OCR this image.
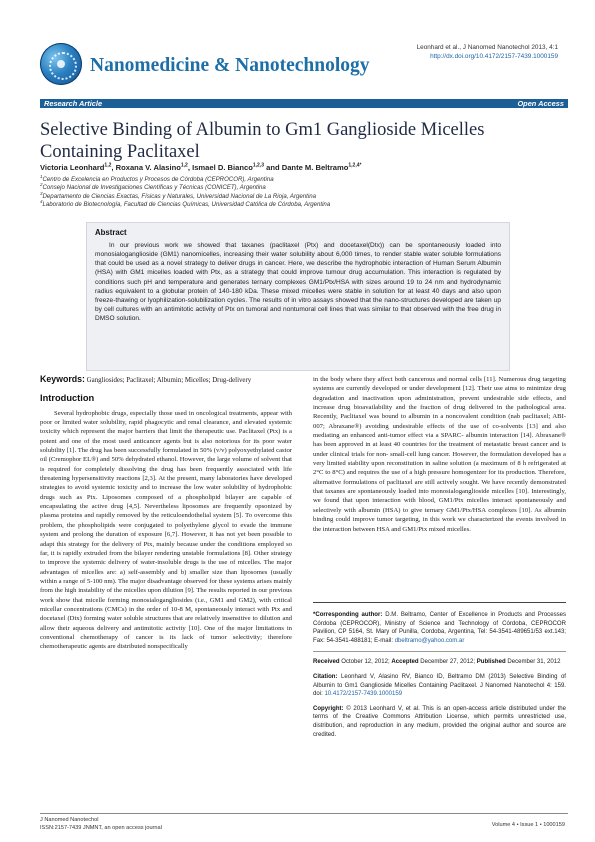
Nanomedicine & Nanotechnology
Leonhard et al., J Nanomed Nanotechol 2013, 4:1
http://dx.doi.org/10.4172/2157-7439.1000159
Research Article	Open Access
Selective Binding of Albumin to Gm1 Ganglioside Micelles Containing Paclitaxel
Victoria Leonhard$^{1,2}$, Roxana V. Alasino$^{1,2}$, Ismael D. Bianco$^{1,2,3}$ and Dante M. Beltramo$^{1,2,4*}$
$^1$Centro de Excelencia en Productos y Procesos de Córdoba (CEPROCOR), Argentina
$^2$Consejo Nacional de Investigaciones Científicas y Técnicas (CONICET), Argentina
$^3$Departamento de Ciencias Exactas, Físicas y Naturales, Universidad Nacional de La Rioja, Argentina
$^4$Laboratorio de Biotecnología, Facultad de Ciencias Químicas, Universidad Católica de Córdoba, Argentina
Abstract
In our previous work we showed that taxanes (paclitaxel (Ptx) and docetaxel(Dtx)) can be spontaneously loaded into monosialoganglioside (GM1) nanomicelles, increasing their water solubility about 6,000 times, to render stable water soluble formulations that could be used as a novel strategy to deliver drugs in cancer. Here, we describe the hydrophobic interaction of Human Serum Albumin (HSA) with GM1 micelles loaded with Ptx, as a strategy that could improve tumour drug accumulation. This interaction is regulated by conditions such pH and temperature and generates ternary complexes GM1/Ptx/HSA with sizes around 19 to 24 nm and hydrodynamic radius equivalent to a globular protein of 140-180 kDa. These mixed micelles were stable in solution for at least 40 days and also upon freeze-thawing or lyophilization-solubilization cycles. The results of in vitro assays showed that the nano-structures developed are taken up by cell cultures with an antimitotic activity of Ptx on tumoral and nontumoral cell lines that was similar to that observed with the free drug in DMSO solution.
Keywords: Gangliosides; Paclitaxel; Albumin; Micelles; Drug-delivery
Introduction
Several hydrophobic drugs, especially those used in oncological treatments, appear with poor or limited water solubility, rapid phagocytic and renal clearance, and elevated systemic toxicity which represent the major barriers that limit the therapeutic use. Paclitaxel (Ptx) is a potent and one of the most used anticancer agents but is also notorious for its poor water solubility [1]. The drug has been successfully formulated in 50% (v/v) polyoxyethylated castor oil (Cremophor EL®) and 50% dehydrated ethanol. However, the large volume of solvent that is required for completely dissolving the drug has been frequently associated with life threatening hypersensitivity reactions [2,3]. At the present, many laboratories have developed strategies to avoid systemic toxicity and to increase the low water solubility of hydrophobic drugs such as Ptx. Liposomes composed of a phospholipid bilayer are capable of encapsulating the active drug [4,5]. Nevertheless liposomes are frequently opsonized by plasma proteins and rapidly removed by the reticuloendothelial system [5]. To overcome this problem, the phospholipids were conjugated to polyethylene glycol to evade the immune system and prolong the duration of exposure [6,7]. However, it has not yet been possible to adapt this strategy for the delivery of Ptx, mainly because under the conditions employed so far, it is rapidly extruded from the bilayer rendering unstable formulations [8]. Other strategy to improve the systemic delivery of water-insoluble drugs is the use of micelles. The major advantages of micelles are: a) self-assembly and b) smaller size than liposomes (usually within a range of 5-100 nm). The major disadvantage observed for these systems arises mainly from the high instability of the micelles upon dilution [9]. The results reported in our previous work show that micelle forming monosialogangliosides (i.e., GM1 and GM2), with critical micellar concentrations (CMCs) in the order of 10-8 M, spontaneously interact with Ptx and docetaxel (Dtx) forming water soluble structures that are relatively insensitive to dilution and allow their aqueous delivery and antimitotic activity [10]. One of the major limitations in conventional chemotherapy of cancer is its lack of tumor selectivity; therefore chemotherapeutic agents are distributed nonspecifically
in the body where they affect both cancerous and normal cells [11]. Numerous drug targeting systems are currently developed or under development [12]. Their use aims to minimize drug degradation and inactivation upon administration, prevent undesirable side effects, and increase drug bioavailability and the fraction of drug delivered in the pathological area. Recently, Paclitaxel was bound to albumin in a noncovalent condition (nab paclitaxel; ABI-007; Abraxane®) avoiding undesirable effects of the use of co-solvents [13] and also mediating an enhanced anti-tumor effect via a SPARC- albumin interaction [14]. Abraxane® has been approved in at least 40 countries for the treatment of metastatic breast cancer and is under clinical trials for non- small-cell lung cancer. However, the formulation developed has a very limited stability upon reconstitution in saline solution (a maximum of 8 h refrigerated at 2°C to 8°C) and requires the use of a high pressure homogenizer for its production. Therefore, alternative formulations of paclitaxel are still actively sought. We have recently demonstrated that taxanes are spontaneously loaded into monosialoganglioside micelles [10]. Interestingly, we found that upon interaction with blood, GM1/Ptx micelles interact spontaneously and selectively with albumin (HSA) to give ternary GM1/Ptx/HSA complexes [10]. As albumin binding could improve tumor targeting, in this work we characterized the events involved in the interaction between HSA and GM1/Ptx mixed micelles.
*Corresponding author: D.M. Beltramo, Center of Excellence in Products and Processes Córdoba (CEPROCOR), Ministry of Science and Technology of Córdoba, CEPROCOR Pavilion, CP 5164, St. Mary of Punilla, Cordoba, Argentina, Tel: 54-3541-489651/53 ext.143; Fax: 54-3541-488181; E-mail: dbeltramo@yahoo.com.ar
Received October 12, 2012; Accepted December 27, 2012; Published December 31, 2012
Citation: Leonhard V, Alasino RV, Bianco ID, Beltramo DM (2013) Selective Binding of Albumin to Gm1 Ganglioside Micelles Containing Paclitaxel. J Nanomed Nanotechol 4: 159. doi: 10.4172/2157-7439.1000159
Copyright: © 2013 Leonhard V, et al. This is an open-access article distributed under the terms of the Creative Commons Attribution License, which permits unrestricted use, distribution, and reproduction in any medium, provided the original author and source are credited.
J Nanomed Nanotechol
ISSN:2157-7439 JNMNT, an open access journal	Volume 4 • Issue 1 • 1000159
